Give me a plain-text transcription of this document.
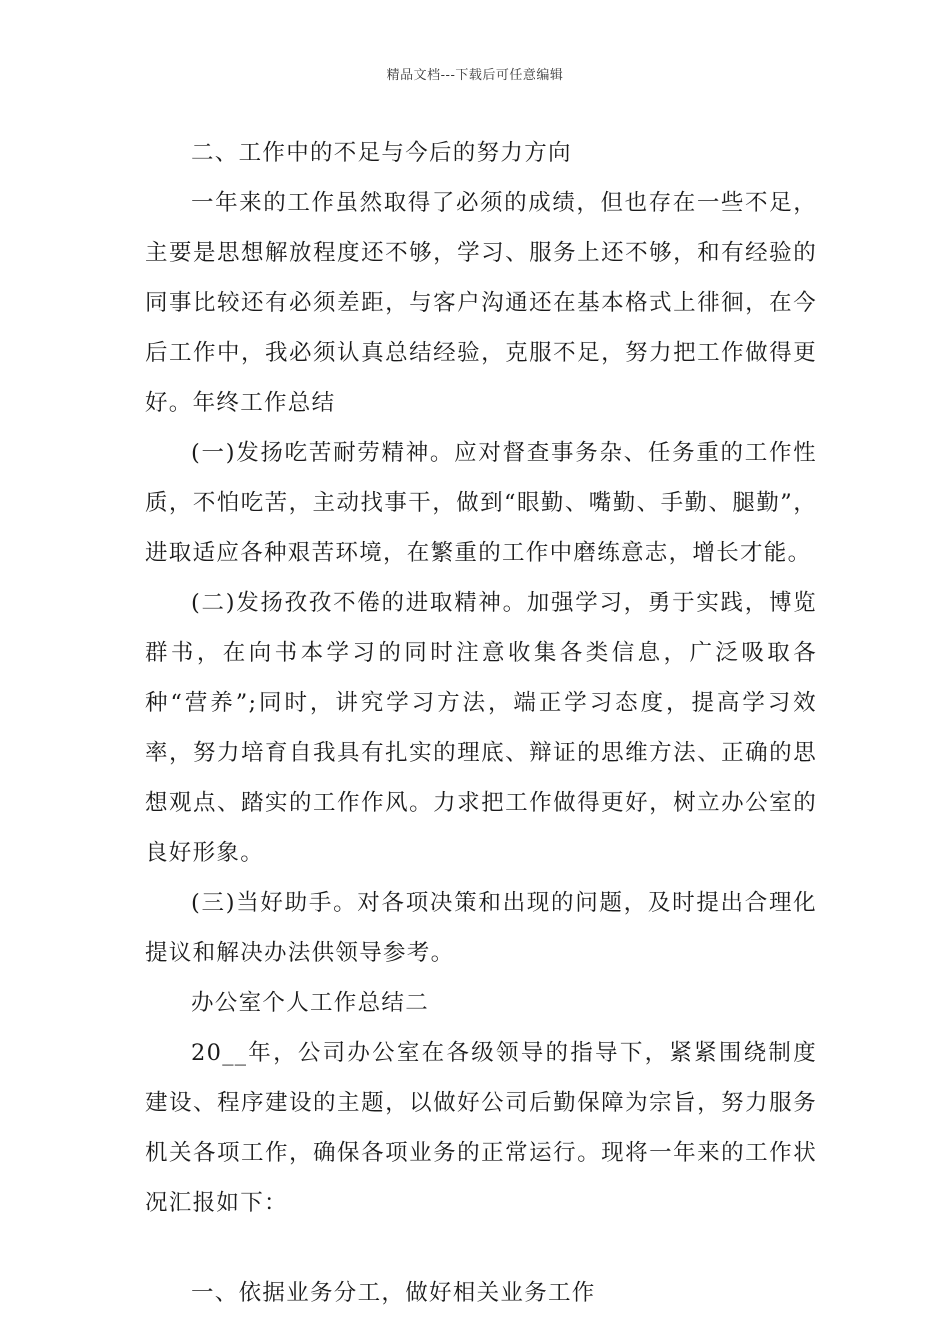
精品文档---下载后可任意编辑

二、工作中的不足与今后的努力方向

一年来的工作虽然取得了必须的成绩，但也存在一些不足，主要是思想解放程度还不够，学习、服务上还不够，和有经验的同事比较还有必须差距，与客户沟通还在基本格式上徘徊，在今后工作中，我必须认真总结经验，克服不足，努力把工作做得更好。年终工作总结

(一)发扬吃苦耐劳精神。应对督查事务杂、任务重的工作性质，不怕吃苦，主动找事干，做到“眼勤、嘴勤、手勤、腿勤”，进取适应各种艰苦环境，在繁重的工作中磨练意志，增长才能。

(二)发扬孜孜不倦的进取精神。加强学习，勇于实践，博览群书，在向书本学习的同时注意收集各类信息，广泛吸取各种“营养”;同时，讲究学习方法，端正学习态度，提高学习效率，努力培育自我具有扎实的理底、辩证的思维方法、正确的思想观点、踏实的工作作风。力求把工作做得更好，树立办公室的良好形象。

(三)当好助手。对各项决策和出现的问题，及时提出合理化提议和解决办法供领导参考。

办公室个人工作总结二

20__年，公司办公室在各级领导的指导下，紧紧围绕制度建设、程序建设的主题，以做好公司后勤保障为宗旨，努力服务机关各项工作，确保各项业务的正常运行。现将一年来的工作状况汇报如下：

一、依据业务分工，做好相关业务工作
